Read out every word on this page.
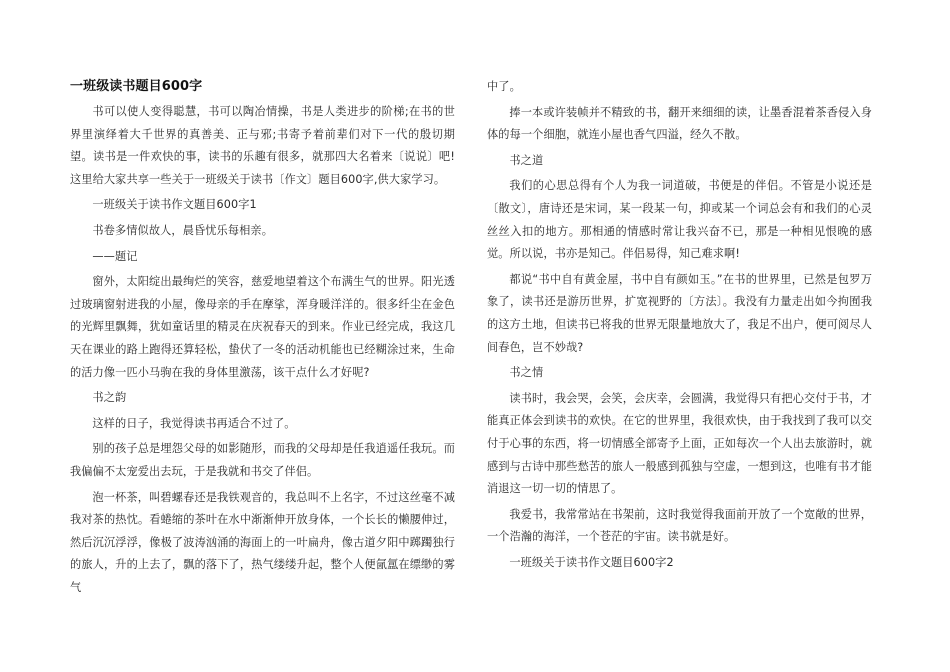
一班级读书题目600字

书可以使人变得聪慧，书可以陶冶情操，书是人类进步的阶梯;在书的世界里演绎着大千世界的真善美、正与邪;书寄予着前辈们对下一代的殷切期望。读书是一件欢快的事，读书的乐趣有很多，就那四大名着来〔说说〕吧!这里给大家共享一些关于一班级关于读书〔作文〕题目600字,供大家学习。

一班级关于读书作文题目600字1

书卷多情似故人，晨昏忧乐每相亲。

——题记

窗外，太阳绽出最绚烂的笑容，慈爱地望着这个布满生气的世界。阳光透过玻璃窗射进我的小屋，像母亲的手在摩挲，浑身暖洋洋的。很多纤尘在金色的光辉里飘舞，犹如童话里的精灵在庆祝春天的到来。作业已经完成，我这几天在课业的路上跑得还算轻松，蛰伏了一冬的活动机能也已经糊涂过来，生命的活力像一匹小马驹在我的身体里激荡，该干点什么才好呢?

书之韵

这样的日子，我觉得读书再适合不过了。

别的孩子总是埋怨父母的如影随形，而我的父母却是任我逍遥任我玩。而我偏偏不太宠爱出去玩，于是我就和书交了伴侣。

泡一杯茶，叫碧螺春还是我铁观音的，我总叫不上名字，不过这丝毫不减我对茶的热忱。看蜷缩的茶叶在水中渐渐伸开放身体，一个长长的懒腰伸过，然后沉沉浮浮，像极了波涛汹涌的海面上的一叶扁舟，像古道夕阳中踯躅独行的旅人，升的上去了，飘的落下了，热气缕缕升起，整个人便氤氲在缥缈的雾气

中了。

捧一本或许装帧并不精致的书，翻开来细细的读，让墨香混着茶香侵入身体的每一个细胞，就连小屋也香气四溢，经久不散。

书之道

我们的心思总得有个人为我一词道破，书便是的伴侣。不管是小说还是〔散文〕，唐诗还是宋词，某一段某一句，抑或某一个词总会有和我们的心灵丝丝入扣的地方。那相通的情感时常让我兴奋不已，那是一种相见恨晚的感觉。所以说，书亦是知己。伴侣易得，知己难求啊!

都说“书中自有黄金屋，书中自有颜如玉。”在书的世界里，已然是包罗万象了，读书还是游历世界，扩宽视野的〔方法〕。我没有力量走出如今拘囿我的这方土地，但读书已将我的世界无限量地放大了，我足不出户，便可阅尽人间春色，岂不妙哉?

书之情

读书时，我会哭，会笑，会庆幸，会圆满，我觉得只有把心交付于书，才能真正体会到读书的欢快。在它的世界里，我很欢快，由于我找到了我可以交付于心事的东西，将一切情感全部寄予上面，正如每次一个人出去旅游时，就感到与古诗中那些愁苦的旅人一般感到孤独与空虚，一想到这，也唯有书才能消退这一切一切的情思了。

我爱书，我常常站在书架前，这时我觉得我面前开放了一个宽敞的世界，一个浩瀚的海洋，一个苍茫的宇宙。读书就是好。

一班级关于读书作文题目600字2
